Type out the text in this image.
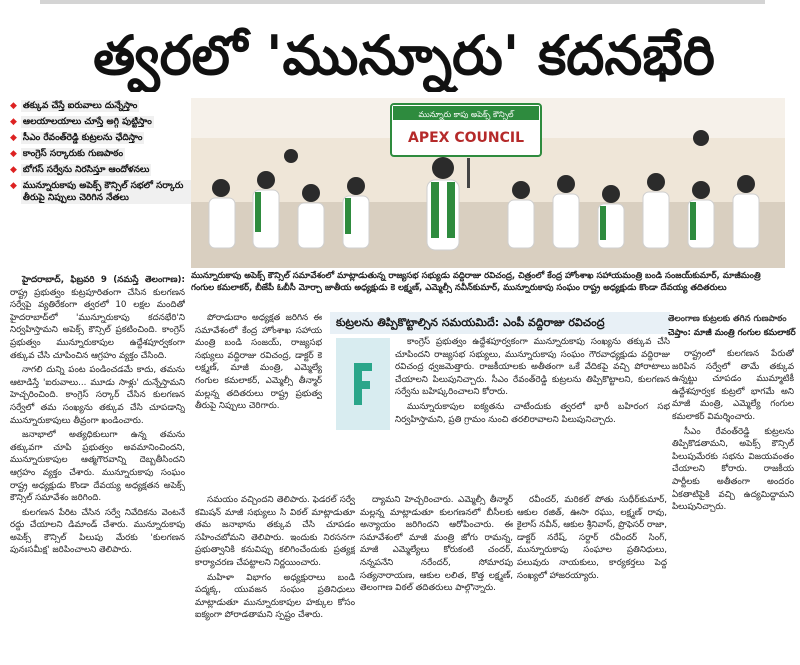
త్వరలో 'మున్నూరు' కదనభేరి
◆ తక్కువ చేస్తే ఐరువాలు దున్నేస్తాం
◆ ఆలయాలయాలు చూస్తే అగ్గి పుట్టిస్తాం
◆ సీఎం రేవంత్‌రెడ్డి కుట్రలను ఛేదిస్తాం
◆ కాంగ్రెస్ సర్కారుకు గుణపాఠం
◆ బోగస్ సర్వేను నిరసిస్తూ ఆందోళనలు
◆ మున్నూరుకాపు అపెక్స్ కౌన్సిల్ సభలో సర్కారు తీరుపై నిప్పులు చెరిగిన నేతలు
మున్నూరు కాపు అపెక్స్ కౌన్సిల్
APEX COUNCIL
మున్నూరుకాపు అపెక్స్ కౌన్సిల్ సమావేశంలో మాట్లాడుతున్న రాజ్యసభ సభ్యుడు వద్దిరాజు రవిచంద్ర, చిత్రంలో కేంద్ర హోంశాఖ సహాయమంత్రి బండి సంజయ్‌కుమార్, మాజీమంత్రి గంగుల కమలాకర్, బీజేపీ ఓబీసీ మోర్చా జాతీయ అధ్యక్షుడు కె లక్ష్మణ్, ఎమ్మెల్సీ నవీన్‌కుమార్, మున్నూరుకాపు సంఘం రాష్ట్ర అధ్యక్షుడు కొండా దేవయ్య తదితరులు

హైదరాబాద్, ఫిబ్రవరి 9 (నమస్తే తెలంగాణ): రాష్ట్ర ప్రభుత్వం కుట్రపూరితంగా చేసిన కులగణన సర్వేపై వ్యతిరేకంగా త్వరలో 10 లక్షల మందితో హైదరాబాద్‌లో 'మున్నూరుకాపు కదనభేరి'ని నిర్వహిస్తామని అపెక్స్ కౌన్సిల్ ప్రకటించింది. కాంగ్రెస్ ప్రభుత్వం మున్నూరుకాపుల ఉద్దేశపూర్వకంగా తక్కువ చేసి చూపించిన ఆగ్రహం వ్యక్తం చేసింది.

నాగలి దున్ని పంట పండించడమే కాదు, తమను ఆటాడిస్తే 'ఐరువాలు... మూడు సాళ్లు' దున్నేస్తామని హెచ్చరించింది. కాంగ్రెస్ సర్కార్ చేసిన కులగణన సర్వేలో తమ సంఖ్యను తక్కువ చేసి చూపడాన్ని మున్నూరుకాపులు తీవ్రంగా ఖండించారు.

జనాభాలో అత్యధికులుగా ఉన్న తమను తక్కువగా చూపి ప్రభుత్వం అవమానించిందని, మున్నూరుకాపుల ఆత్మగౌరవాన్ని దెబ్బతీసిందని ఆగ్రహం వ్యక్తం చేశారు. మున్నూరుకాపు సంఘం రాష్ట్ర అధ్యక్షుడు కొండా దేవయ్య అధ్యక్షతన అపెక్స్ కౌన్సిల్ సమావేశం జరిగింది.

కులగణన పేరిట చేసిన సర్వే నివేదికను వెంటనే రద్దు చేయాలని డిమాండ్ చేశారు. మున్నూరుకాపు అపెక్స్ కౌన్సిల్ పిలుపు మేరకు 'కులగణన పునఃసమీక్ష' జరిపించాలని తెలిపారు.

పోరాడుదాం అధ్యక్షత జరిగిన ఈ సమావేశంలో కేంద్ర హోంశాఖ సహాయ మంత్రి బండి సంజయ్, రాజ్యసభ సభ్యులు వద్దిరాజు రవిచంద్ర, డాక్టర్ కె లక్ష్మణ్, మాజీ మంత్రి, ఎమ్మెల్యే గంగుల కమలాకర్, ఎమ్మెల్సీ తీన్మార్ మల్లన్న తదితరులు రాష్ట్ర ప్రభుత్వ తీరుపై నిప్పులు చెరిగారు.

కుట్రలను తిప్పికొట్టాల్సిన సమయమిదే: ఎంపీ వద్దిరాజు రవిచంద్ర

కాంగ్రెస్ ప్రభుత్వం ఉద్దేశపూర్వకంగా మున్నూరుకాపు సంఖ్యను తక్కువ చేసి చూపిందని రాజ్యసభ సభ్యులు, మున్నూరుకాపు సంఘం గౌరవాధ్యక్షుడు వద్దిరాజు రవిచంద్ర ధ్వజమెత్తారు. రాజకీయాలకు అతీతంగా ఒకే వేదికపై వచ్చి పోరాటాలు చేయాలని పిలుపునిచ్చారు. సీఎం రేవంత్‌రెడ్డి కుట్రలను తిప్పికొట్టాలని, కులగణన సర్వేను బహిష్కరించాలని కోరారు.

మున్నూరుకాపుల ఐక్యతను చాటేందుకు త్వరలో భారీ బహిరంగ సభ నిర్వహిస్తామని, ప్రతి గ్రామం నుంచి తరలిరావాలని పిలుపునిచ్చారు.

సమయం వచ్చిందని తెలిపారు. ఫెడరల్ సర్వే కమిషన్ మాజీ సభ్యులు సి విఠల్ మాట్లాడుతూ తమ జనాభాను తక్కువ చేసి చూపడం సహించబోమని తెలిపారు. ఇందుకు నిరసనగా ప్రభుత్వానికి కనువిప్పు కలిగించేందుకు ప్రత్యక్ష కార్యాచరణ చేపట్టాలని నిర్ణయించారు.

మహిళా విభాగం అధ్యక్షురాలు బండి పద్మక్క, యువజన సంఘం ప్రతినిధులు మాట్లాడుతూ మున్నూరుకాపుల హక్కుల కోసం ఐక్యంగా పోరాడతామని స్పష్టం చేశారు.

ద్యామని హెచ్చరించారు. ఎమ్మెల్సీ తీన్మార్ మల్లన్న మాట్లాడుతూ కులగణనలో బీసీలకు అన్యాయం జరిగిందని ఆరోపించారు. ఈ సమావేశంలో మాజీ మంత్రి జోగు రామన్న, మాజీ ఎమ్మెల్యేలు కోరుకంటి చందర్, నన్నపనేని నరేందర్, సోమారపు సత్యనారాయణ, ఆకుల లలిత, కొత్త లక్ష్మణ్, తెలంగాణ విఠల్ తదితరులు పాల్గొన్నారు.

రవీందర్, మరికల్ పోతు సుధీర్‌కుమార్, ఆకుల రజిత్, ఊసా రఘు, లక్ష్మణ్ రావు, కైలాస్ నవీన్, ఆకుల శ్రీనివాస్, ప్రొఫెసర్ రాజా, డాక్టర్ నరేష్, సర్దార్ రవీందర్ సింగ్, మున్నూరుకాపు సంఘాల ప్రతినిధులు, పలువురు నాయకులు, కార్యకర్తలు పెద్ద సంఖ్యలో హాజరయ్యారు.

తెలంగాణ కుట్రలకు తగిన గుణపాఠం
చెప్తాం: మాజీ మంత్రి గంగుల కమలాకర్

రాష్ట్రంలో కులగణన పేరుతో జరిపిన సర్వేలో తామే తక్కువ ఉన్నట్టు చూపడం ముమ్మాటికీ ఉద్దేశపూర్వక కుట్రలో భాగమే అని మాజీ మంత్రి, ఎమ్మెల్యే గంగుల కమలాకర్ విమర్శించారు.

సీఎం రేవంత్‌రెడ్డి కుట్రలను తిప్పికొడతామని, అపెక్స్ కౌన్సిల్ పిలుపుమేరకు సభను విజయవంతం చేయాలని కోరారు. రాజకీయ పార్టీలకు అతీతంగా అందరం ఏకతాటిపైకి వచ్చి ఉద్యమిద్దామని పిలుపునిచ్చారు.
